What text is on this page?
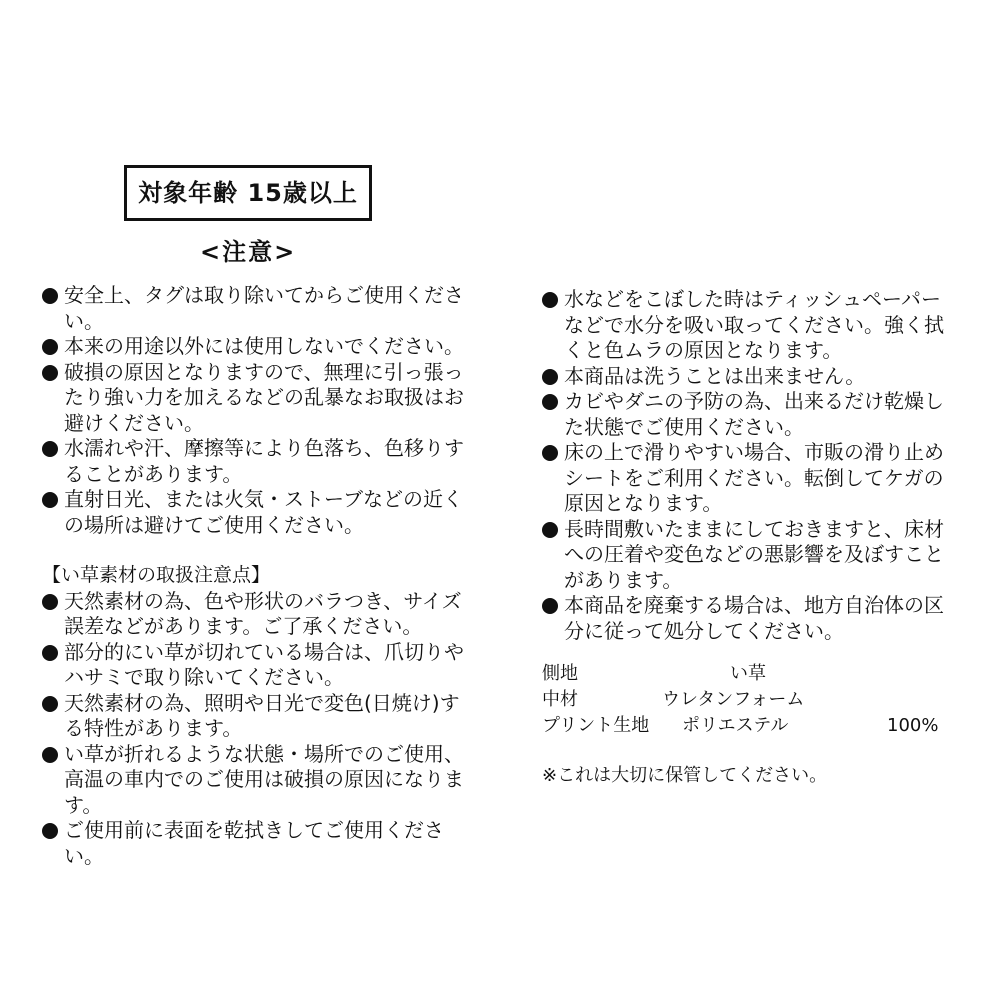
対象年齢 15歳以上
<注意>
安全上、タグは取り除いてからご使用ください。
本来の用途以外には使用しないでください。
破損の原因となりますので、無理に引っ張ったり強い力を加えるなどの乱暴なお取扱はお避けください。
水濡れや汗、摩擦等により色落ち、色移りすることがあります。
直射日光、または火気・ストーブなどの近くの場所は避けてご使用ください。
【い草素材の取扱注意点】
天然素材の為、色や形状のバラつき、サイズ誤差などがあります。ご了承ください。
部分的にい草が切れている場合は、爪切りやハサミで取り除いてください。
天然素材の為、照明や日光で変色(日焼け)する特性があります。
い草が折れるような状態・場所でのご使用、高温の車内でのご使用は破損の原因になります。
ご使用前に表面を乾拭きしてご使用ください。
水などをこぼした時はティッシュペーパーなどで水分を吸い取ってください。強く拭くと色ムラの原因となります。
本商品は洗うことは出来ません。
カビやダニの予防の為、出来るだけ乾燥した状態でご使用ください。
床の上で滑りやすい場合、市販の滑り止めシートをご利用ください。転倒してケガの原因となります。
長時間敷いたままにしておきますと、床材への圧着や変色などの悪影響を及ぼすことがあります。
本商品を廃棄する場合は、地方自治体の区分に従って処分してください。
側地	い草
中材	ウレタンフォーム
プリント生地 ポリエステル	100%
※これは大切に保管してください。
